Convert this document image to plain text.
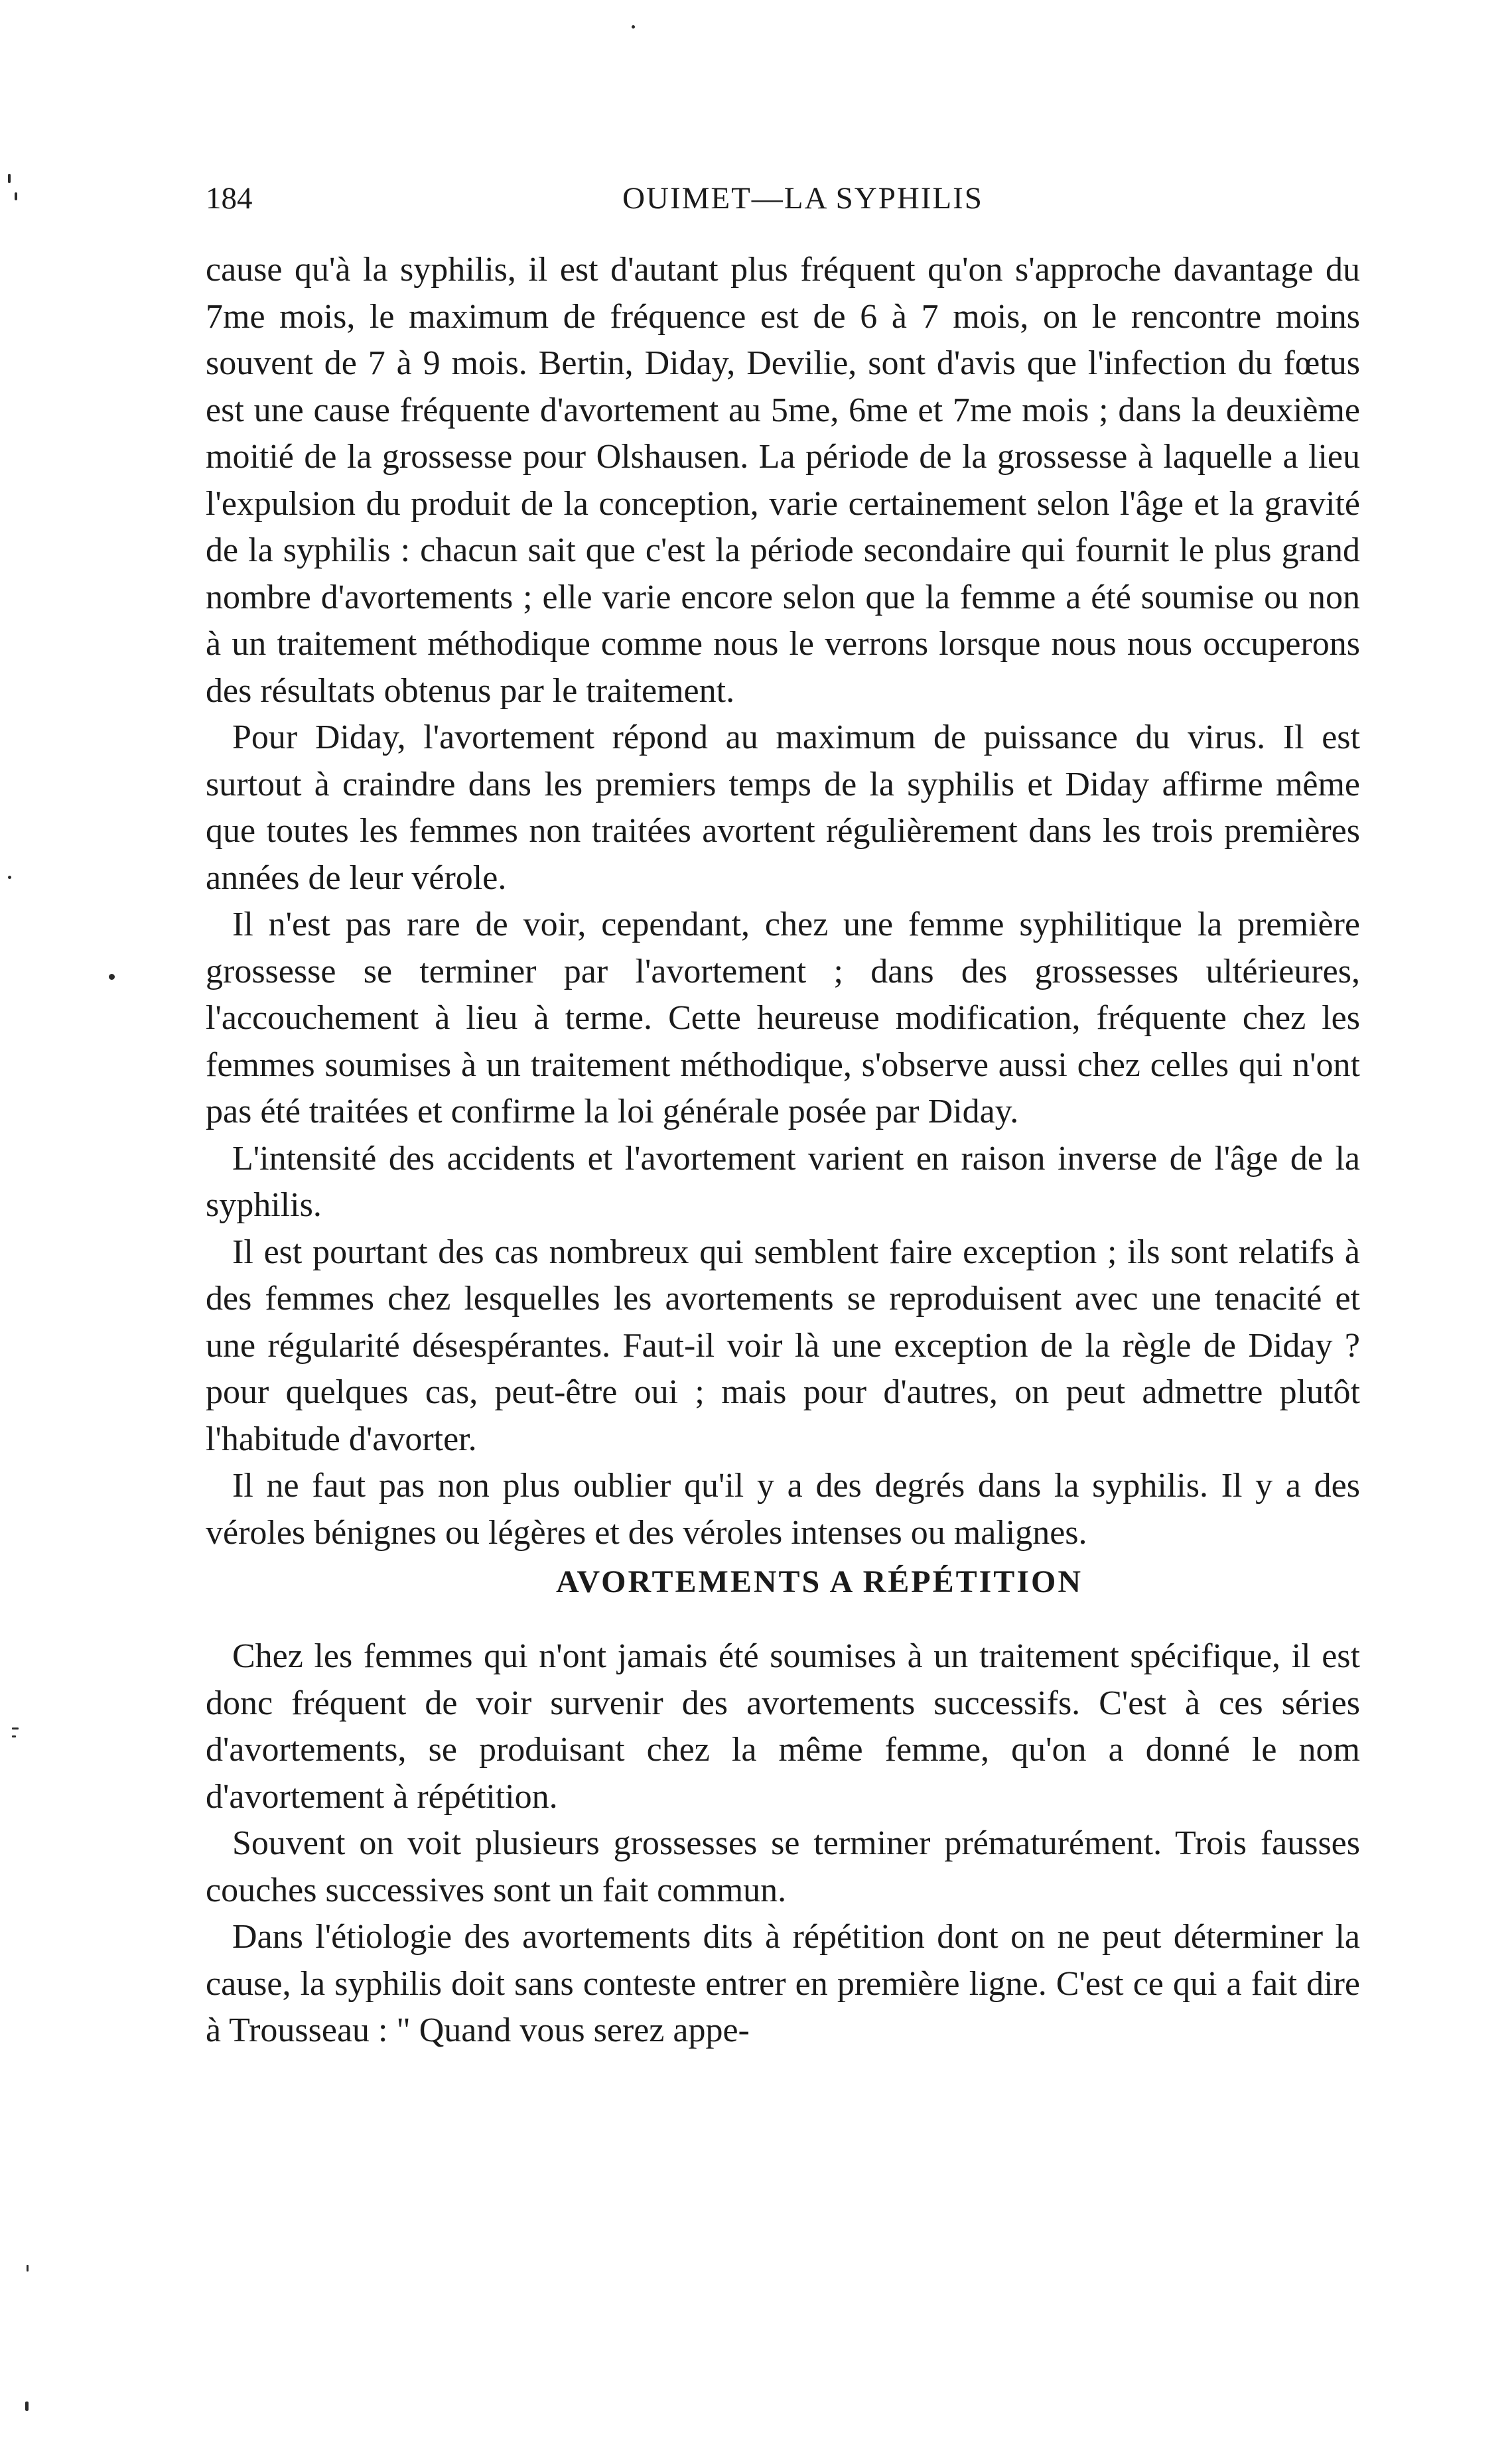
184	OUIMET—LA SYPHILIS

cause qu'à la syphilis, il est d'autant plus fréquent qu'on s'approche davantage du 7me mois, le maximum de fréquence est de 6 à 7 mois, on le rencontre moins souvent de 7 à 9 mois. Bertin, Diday, Devilie, sont d'avis que l'infection du fœtus est une cause fréquente d'avortement au 5me, 6me et 7me mois ; dans la deuxième moitié de la grossesse pour Olshausen. La période de la grossesse à laquelle a lieu l'expulsion du produit de la conception, varie certainement selon l'âge et la gravité de la syphilis : chacun sait que c'est la période secondaire qui fournit le plus grand nombre d'avortements ; elle varie encore selon que la femme a été soumise ou non à un traitement méthodique comme nous le verrons lorsque nous nous occuperons des résultats obtenus par le traitement.

Pour Diday, l'avortement répond au maximum de puissance du virus. Il est surtout à craindre dans les premiers temps de la syphilis et Diday affirme même que toutes les femmes non traitées avortent régulièrement dans les trois premières années de leur vérole.

Il n'est pas rare de voir, cependant, chez une femme syphilitique la première grossesse se terminer par l'avortement ; dans des grossesses ultérieures, l'accouchement à lieu à terme. Cette heureuse modification, fréquente chez les femmes soumises à un traitement méthodique, s'observe aussi chez celles qui n'ont pas été traitées et confirme la loi générale posée par Diday.

L'intensité des accidents et l'avortement varient en raison inverse de l'âge de la syphilis.

Il est pourtant des cas nombreux qui semblent faire exception ; ils sont relatifs à des femmes chez lesquelles les avortements se reproduisent avec une tenacité et une régularité désespérantes. Faut-il voir là une exception de la règle de Diday ? pour quelques cas, peut-être oui ; mais pour d'autres, on peut admettre plutôt l'habitude d'avorter.

Il ne faut pas non plus oublier qu'il y a des degrés dans la syphilis. Il y a des véroles bénignes ou légères et des véroles intenses ou malignes.

AVORTEMENTS A RÉPÉTITION

Chez les femmes qui n'ont jamais été soumises à un traitement spécifique, il est donc fréquent de voir survenir des avortements successifs. C'est à ces séries d'avortements, se produisant chez la même femme, qu'on a donné le nom d'avortement à répétition.

Souvent on voit plusieurs grossesses se terminer prématurément. Trois fausses couches successives sont un fait commun.

Dans l'étiologie des avortements dits à répétition dont on ne peut déterminer la cause, la syphilis doit sans conteste entrer en première ligne. C'est ce qui a fait dire à Trousseau : " Quand vous serez appe-
